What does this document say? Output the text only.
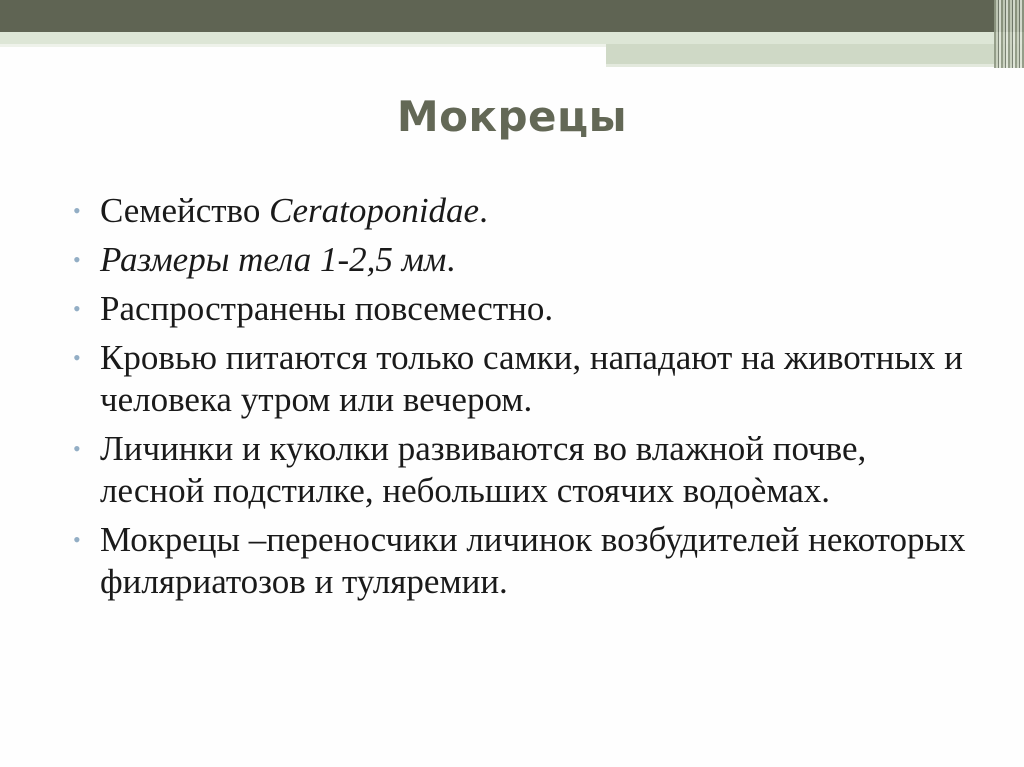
Мокрецы
• Семейство Ceratoponidae.
• Размеры тела 1-2,5 мм.
• Распространены повсеместно.
• Кровью питаются только самки, нападают на животных и человека утром или вечером.
• Личинки и куколки развиваются во влажной почве, лесной подстилке, небольших стоячих водоѐмах.
• Мокрецы –переносчики личинок возбудителей некоторых филяриатозов и туляремии.
